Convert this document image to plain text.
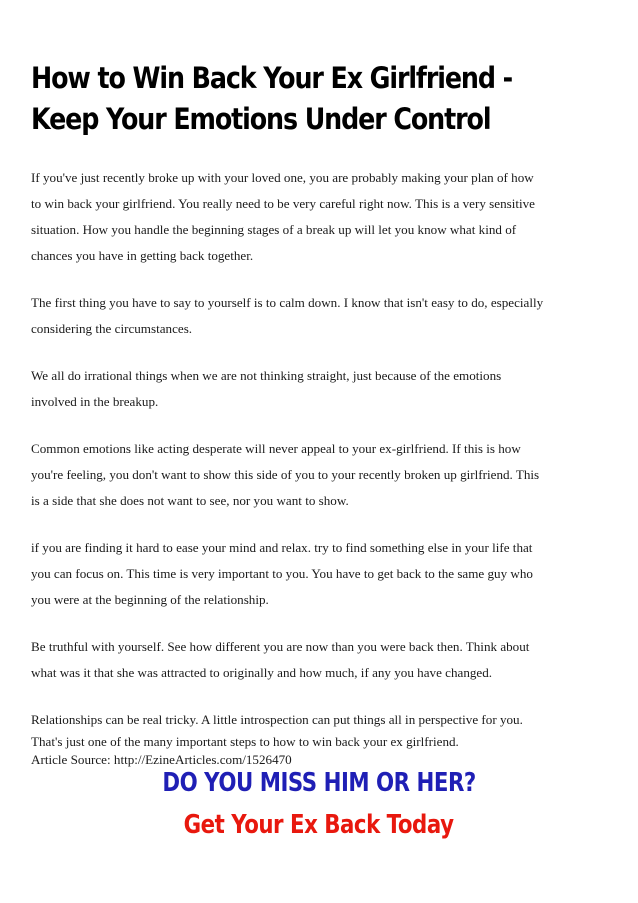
How to Win Back Your Ex Girlfriend -
Keep Your Emotions Under Control

If you've just recently broke up with your loved one, you are probably making your plan of how
to win back your girlfriend. You really need to be very careful right now. This is a very sensitive
situation. How you handle the beginning stages of a break up will let you know what kind of
chances you have in getting back together.

The first thing you have to say to yourself is to calm down. I know that isn't easy to do, especially
considering the circumstances.

We all do irrational things when we are not thinking straight, just because of the emotions
involved in the breakup.

Common emotions like acting desperate will never appeal to your ex-girlfriend. If this is how
you're feeling, you don't want to show this side of you to your recently broken up girlfriend. This
is a side that she does not want to see, nor you want to show.

if you are finding it hard to ease your mind and relax. try to find something else in your life that
you can focus on. This time is very important to you. You have to get back to the same guy who
you were at the beginning of the relationship.

Be truthful with yourself. See how different you are now than you were back then. Think about
what was it that she was attracted to originally and how much, if any you have changed.

Relationships can be real tricky. A little introspection can put things all in perspective for you.
That's just one of the many important steps to how to win back your ex girlfriend.
Article Source: http://EzineArticles.com/1526470

DO YOU MISS HIM OR HER?
Get Your Ex Back Today
